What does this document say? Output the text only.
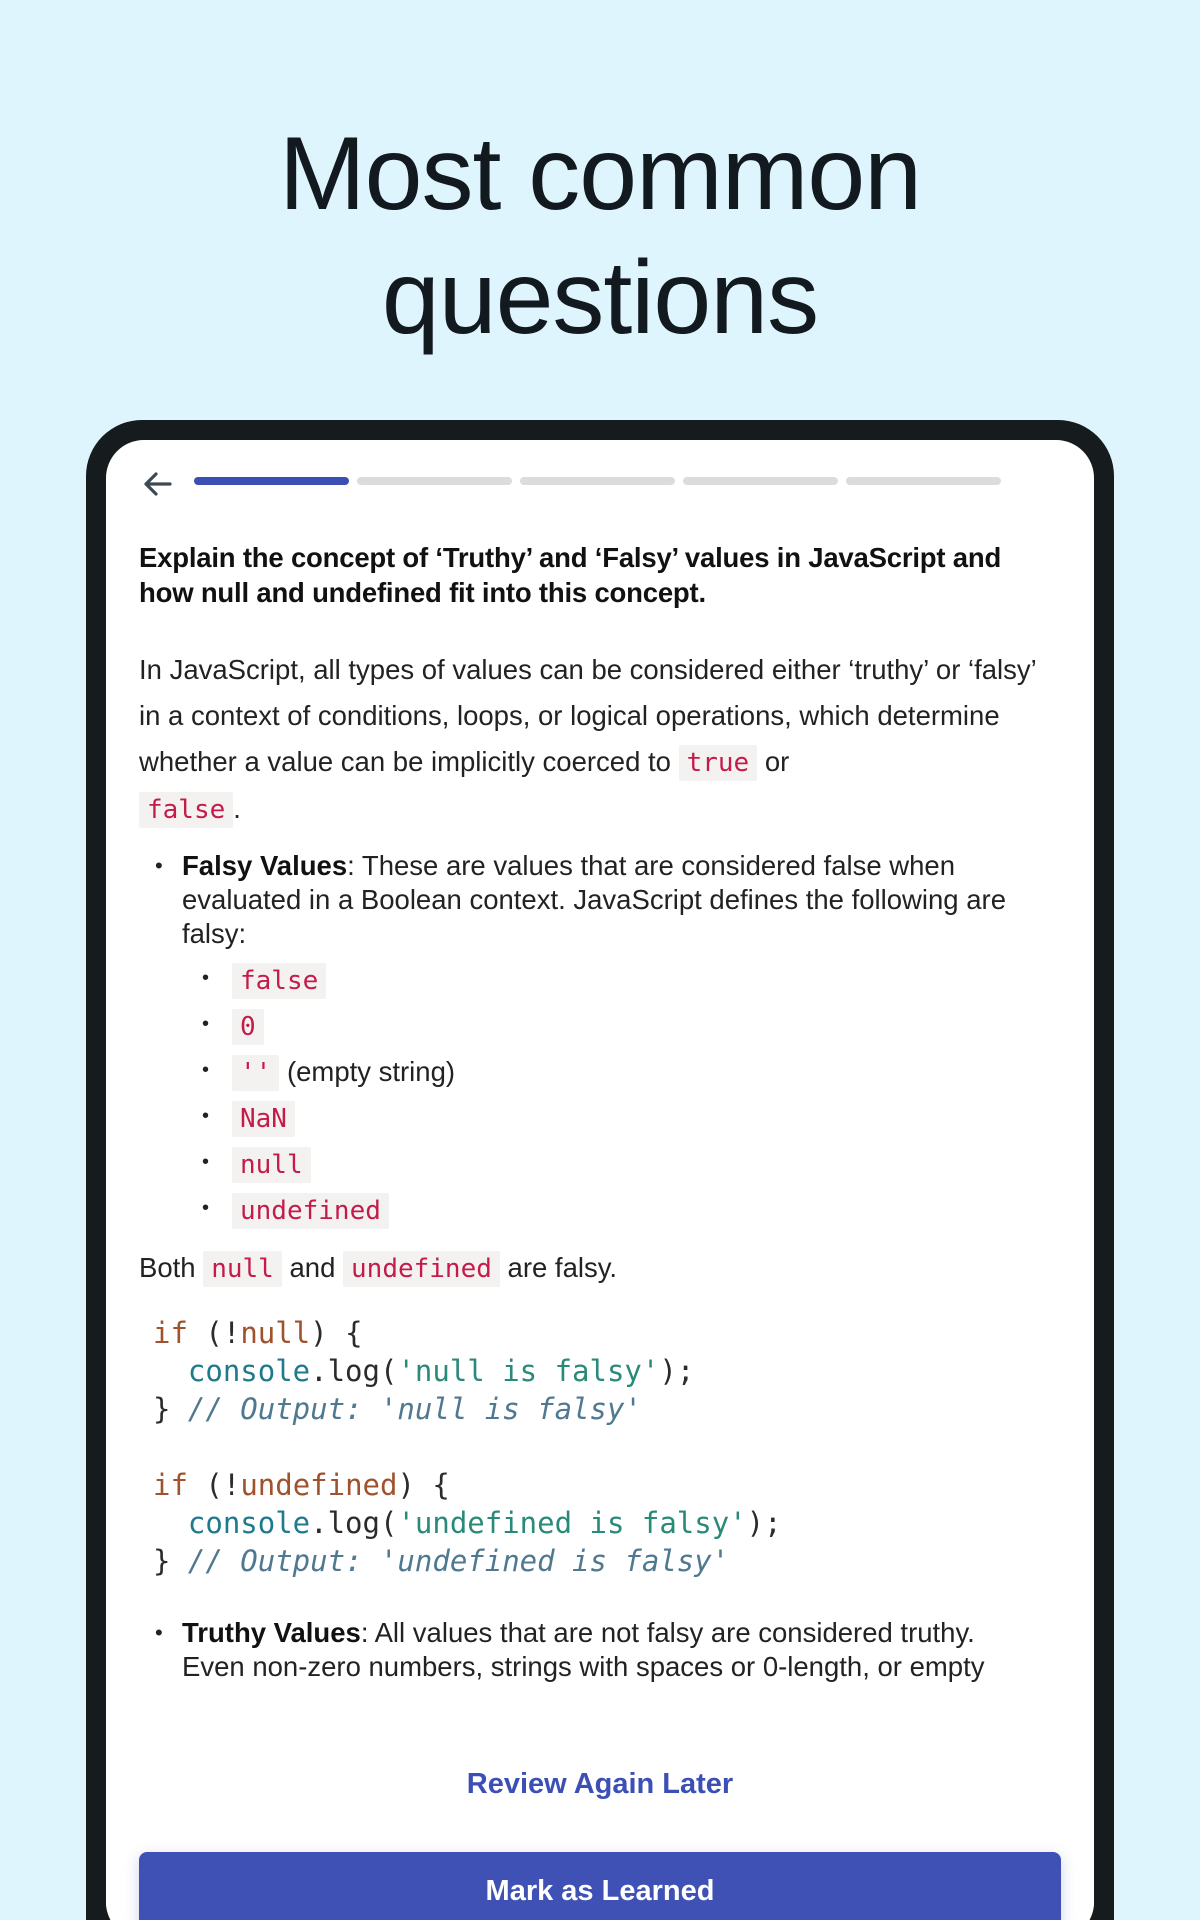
Most common
questions
Explain the concept of ‘Truthy’ and ‘Falsy’ values in JavaScript and how null and undefined fit into this concept.

In JavaScript, all types of values can be considered either ‘truthy’ or ‘falsy’ in a context of conditions, loops, or logical operations, which determine whether a value can be implicitly coerced to true or
false .

• Falsy Values: These are values that are considered false when evaluated in a Boolean context. JavaScript defines the following are falsy:
• false
• 0
• '' (empty string)
• NaN
• null
• undefined

Both null and undefined are falsy.

if (!null) {
console.log('null is falsy');
} // Output: 'null is falsy'

if (!undefined) {
console.log('undefined is falsy');
} // Output: 'undefined is falsy'
• Truthy Values: All values that are not falsy are considered truthy. Even non-zero numbers, strings with spaces or 0-length, or empty
Review Again Later
Mark as Learned
